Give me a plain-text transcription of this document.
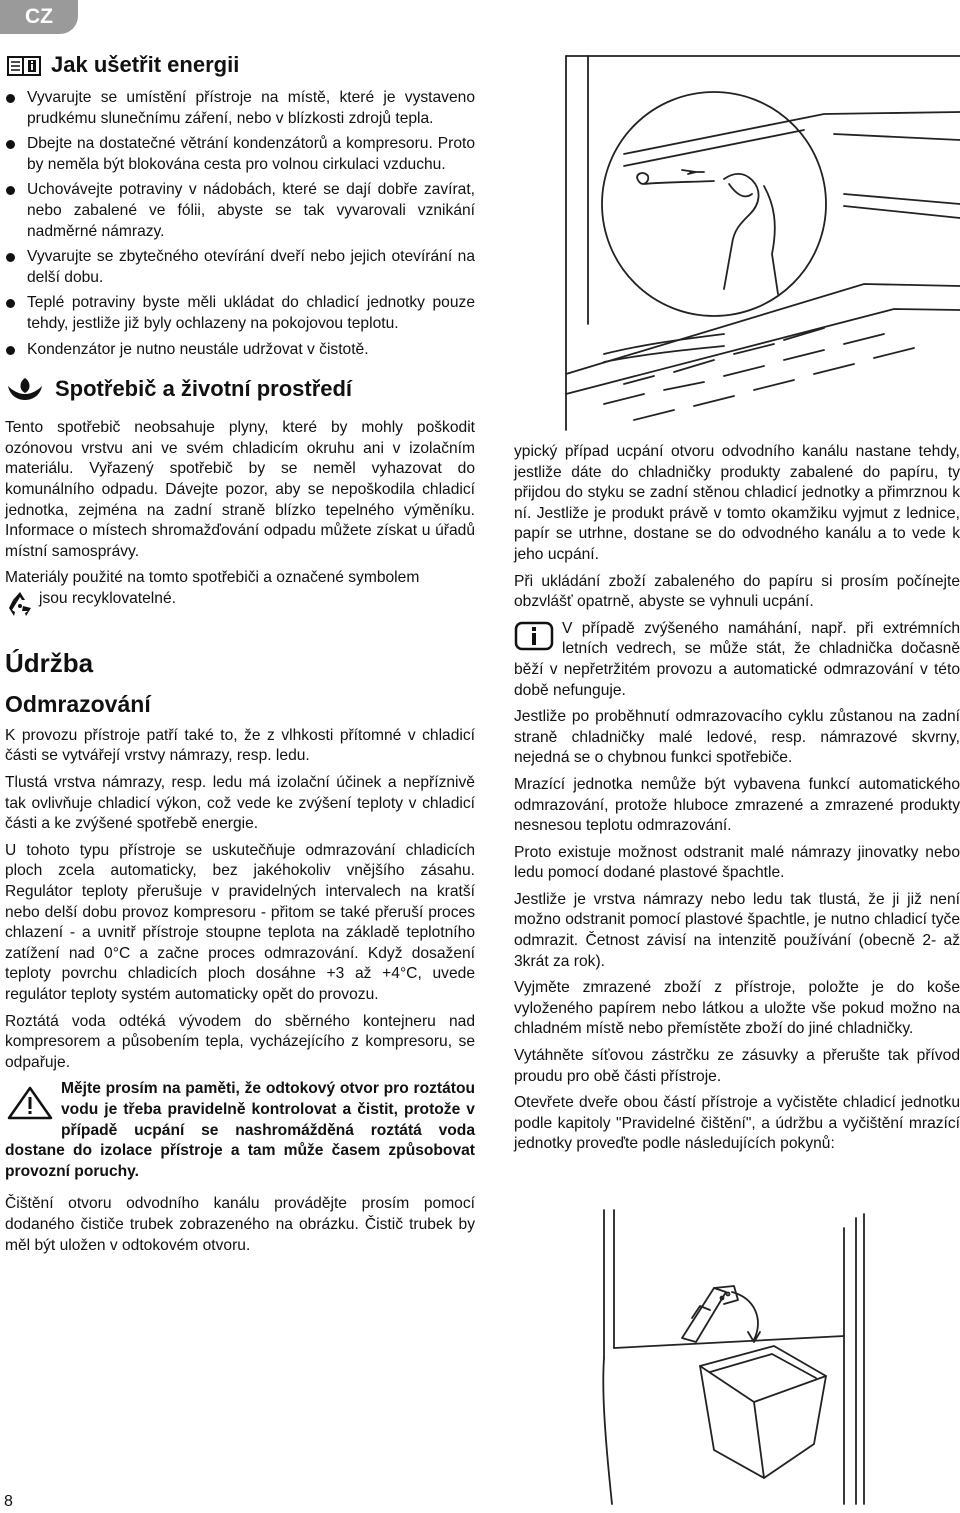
CZ
Jak ušetřit energii
Vyvarujte se umístění přístroje na místě, které je vystaveno prudkému slunečnímu záření, nebo v blízkosti zdrojů tepla.
Dbejte na dostatečné větrání kondenzátorů a kompresoru. Proto by neměla být blokována cesta pro volnou cirkulaci vzduchu.
Uchovávejte potraviny v nádobách, které se dají dobře zavírat, nebo zabalené ve fólii, abyste se tak vyvarovali vznikání nadměrné námrazy.
Vyvarujte se zbytečného otevírání dveří nebo jejich otevírání na delší dobu.
Teplé potraviny byste měli ukládat do chladicí jednotky pouze tehdy, jestliže již byly ochlazeny na pokojovou teplotu.
Kondenzátor je nutno neustále udržovat v čistotě.
Spotřebič a životní prostředí

Tento spotřebič neobsahuje plyny, které by mohly poškodit ozónovou vrstvu ani ve svém chladicím okruhu ani v izolačním materiálu. Vyřazený spotřebič by se neměl vyhazovat do komunálního odpadu. Dávejte pozor, aby se nepoškodila chladicí jednotka, zejména na zadní straně blízko tepelného výměníku. Informace o místech shromažďování odpadu můžete získat u úřadů místní samosprávy.

Materiály použité na tomto spotřebiči a označené symbolem

jsou recyklovatelné.

Údržba
Odmrazování

K provozu přístroje patří také to, že z vlhkosti přítomné v chladicí části se vytvářejí vrstvy námrazy, resp. ledu.

Tlustá vrstva námrazy, resp. ledu má izolační účinek a nepříznivě tak ovlivňuje chladicí výkon, což vede ke zvýšení teploty v chladicí části a ke zvýšené spotřebě energie.

U tohoto typu přístroje se uskutečňuje odmrazování chladicích ploch zcela automaticky, bez jakéhokoliv vnějšího zásahu. Regulátor teploty přerušuje v pravidelných intervalech na kratší nebo delší dobu provoz kompresoru - přitom se také přeruší proces chlazení - a uvnitř přístroje stoupne teplota na základě teplotního zatížení nad 0°C a začne proces odmrazování. Když dosažení teploty povrchu chladicích ploch dosáhne +3 až +4°C, uvede regulátor teploty systém automaticky opět do provozu.

Roztátá voda odtéká vývodem do sběrného kontejneru nad kompresorem a působením tepla, vycházejícího z kompresoru, se odpařuje.

Mějte prosím na paměti, že odtokový otvor pro roztátou vodu je třeba pravidelně kontrolovat a čistit, protože v případě ucpání se nashromážděná roztátá voda dostane do izolace přístroje a tam může časem způsobovat provozní poruchy.

Čištění otvoru odvodního kanálu provádějte prosím pomocí dodaného čističe trubek zobrazeného na obrázku. Čistič trubek by měl být uložen v odtokovém otvoru.

ypický případ ucpání otvoru odvodního kanálu nastane tehdy, jestliže dáte do chladničky produkty zabalené do papíru, ty přijdou do styku se zadní stěnou chladicí jednotky a přimrznou k ní. Jestliže je produkt právě v tomto okamžiku vyjmut z lednice, papír se utrhne, dostane se do odvodného kanálu a to vede k jeho ucpání.

Při ukládání zboží zabaleného do papíru si prosím počínejte obzvlášť opatrně, abyste se vyhnuli ucpání.

V případě zvýšeného namáhání, např. při extrémních letních vedrech, se může stát, že chladnička dočasně běží v nepřetržitém provozu a automatické odmrazování v této době nefunguje.

Jestliže po proběhnutí odmrazovacího cyklu zůstanou na zadní straně chladničky malé ledové, resp. námrazové skvrny, nejedná se o chybnou funkci spotřebiče.

Mrazící jednotka nemůže být vybavena funkcí automatického odmrazování, protože hluboce zmrazené a zmrazené produkty nesnesou teplotu odmrazování.

Proto existuje možnost odstranit malé námrazy jinovatky nebo ledu pomocí dodané plastové špachtle.

Jestliže je vrstva námrazy nebo ledu tak tlustá, že ji již není možno odstranit pomocí plastové špachtle, je nutno chladicí tyče odmrazit. Četnost závisí na intenzitě používání (obecně 2- až 3krát za rok).

Vyjměte zmrazené zboží z přístroje, položte je do koše vyloženého papírem nebo látkou a uložte vše pokud možno na chladném místě nebo přemístěte zboží do jiné chladničky.

Vytáhněte síťovou zástrčku ze zásuvky a přerušte tak přívod proudu pro obě části přístroje.

Otevřete dveře obou částí přístroje a vyčistěte chladicí jednotku podle kapitoly "Pravidelné čištění", a údržbu a vyčištění mrazící jednotky proveďte podle následujících pokynů:

8
